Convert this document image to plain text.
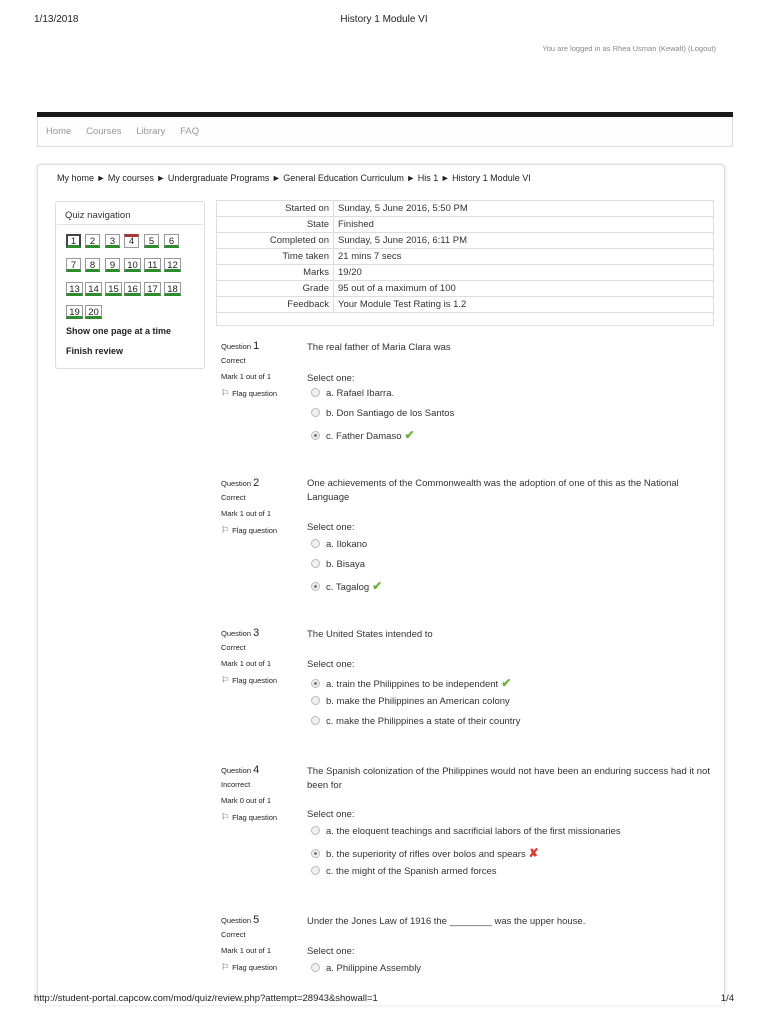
1/13/2018	History 1 Module VI
You are logged in as Rhea Usman (Kewalt) (Logout)
Home Courses Library FAQ
My home ► My courses ► Undergraduate Programs ► General Education Curriculum ► His 1 ► History 1 Module VI
Quiz navigation
1	2	3	4	5	6
7	8	9	10	11	12
13 14 15 16 17 18
19 20
Show one page at a time
Finish review
Started on	Sunday, 5 June 2016, 5:50 PM
State	Finished
Completed on	Sunday, 5 June 2016, 6:11 PM
Time taken	21 mins 7 secs
Marks	19/20
Grade	95 out of a maximum of 100
Feedback	Your Module Test Rating is 1.2
Question 1
Correct
Mark 1 out of 1
⚐ Flag question
The real father of Maria Clara was
Select one:
a. Rafael Ibarra.
b. Don Santiago de los Santos
c. Father Damaso ✔
Question 2
Correct
Mark 1 out of 1
⚐ Flag question
One achievements of the Commonwealth was the adoption of one of this as the National Language
Select one:
a. Ilokano
b. Bisaya
c. Tagalog ✔
Question 3
Correct
Mark 1 out of 1
⚐ Flag question
The United States intended to
Select one:
a. train the Philippines to be independent ✔
b. make the Philippines an American colony
c. make the Philippines a state of their country
Question 4
Incorrect
Mark 0 out of 1
⚐ Flag question
The Spanish colonization of the Philippines would not have been an enduring success had it not been for
Select one:
a. the eloquent teachings and sacrificial labors of the first missionaries
b. the superiority of rifles over bolos and spears ✘
c. the might of the Spanish armed forces
Question 5
Correct
Mark 1 out of 1
⚐ Flag question
Under the Jones Law of 1916 the ________ was the upper house.
Select one:
a. Philippine Assembly
http://student-portal.capcow.com/mod/quiz/review.php?attempt=28943&showall=1	1/4
